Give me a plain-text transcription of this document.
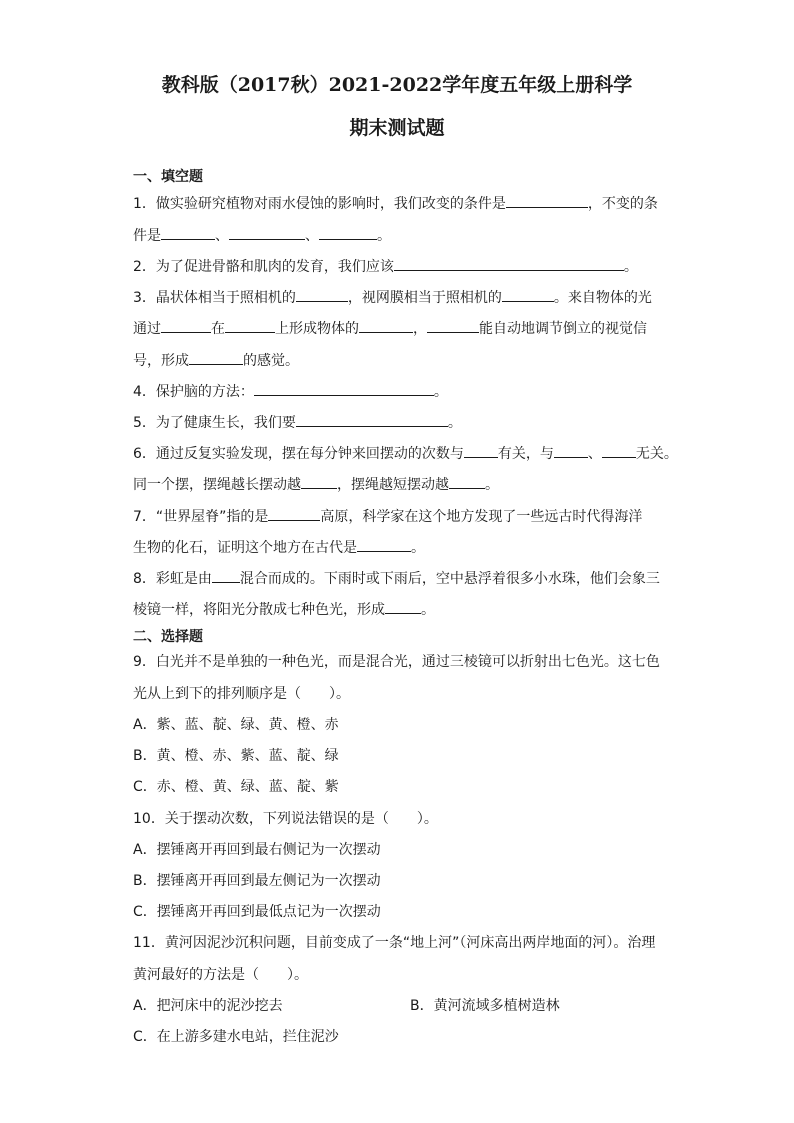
教科版（2017秋）2021-2022学年度五年级上册科学
期末测试题
一、填空题
1．做实验研究植物对雨水侵蚀的影响时，我们改变的条件是	，不变的条
件是	、	、	。
2．为了促进骨骼和肌肉的发育，我们应该	。
3．晶状体相当于照相机的	，视网膜相当于照相机的	。来自物体的光
通过	在	上形成物体的	，	能自动地调节倒立的视觉信
号，形成	的感觉。
4．保护脑的方法：	。
5．为了健康生长，我们要	。
6．通过反复实验发现，摆在每分钟来回摆动的次数与 有关，与 、 无关。
同一个摆，摆绳越长摆动越	，摆绳越短摆动越	。
7．“世界屋脊”指的是	高原，科学家在这个地方发现了一些远古时代得海洋
生物的化石，证明这个地方在古代是	。
8．彩虹是由 混合而成的。下雨时或下雨后，空中悬浮着很多小水珠，他们会象三
棱镜一样，将阳光分散成七种色光，形成	。
二、选择题
9．白光并不是单独的一种色光，而是混合光，通过三棱镜可以折射出七色光。这七色
光从上到下的排列顺序是（　　）。
A．紫、蓝、靛、绿、黄、橙、赤
B．黄、橙、赤、紫、蓝、靛、绿
C．赤、橙、黄、绿、蓝、靛、紫
10．关于摆动次数，下列说法错误的是（　　）。
A．摆锤离开再回到最右侧记为一次摆动
B．摆锤离开再回到最左侧记为一次摆动
C．摆锤离开再回到最低点记为一次摆动
11．黄河因泥沙沉积问题，目前变成了一条“地上河”（河床高出两岸地面的河）。治理
黄河最好的方法是（　　）。
A．把河床中的泥沙挖去	B．黄河流域多植树造林
C．在上游多建水电站，拦住泥沙
